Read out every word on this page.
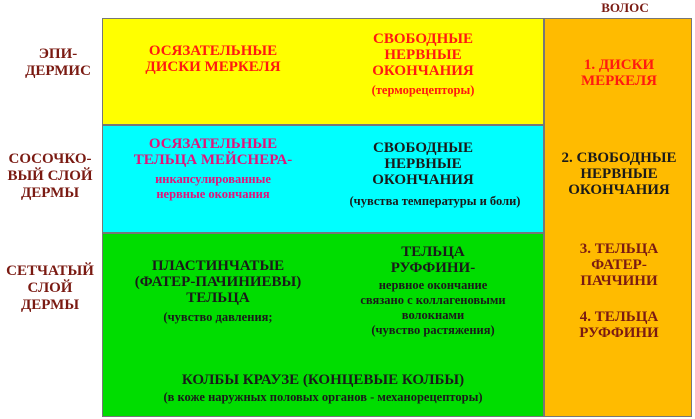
ВОЛОС
ЭПИ-
ДЕРМИС
СОСОЧКО-
ВЫЙ СЛОЙ
ДЕРМЫ
СЕТЧАТЫЙ
СЛОЙ
ДЕРМЫ
ОСЯЗАТЕЛЬНЫЕ
ДИСКИ МЕРКЕЛЯ
СВОБОДНЫЕ
НЕРВНЫЕ
ОКОНЧАНИЯ
(терморецепторы)
ОСЯЗАТЕЛЬНЫЕ
ТЕЛЬЦА МЕЙСНЕРА-
инкапсулированные
нервные окончания
СВОБОДНЫЕ
НЕРВНЫЕ
ОКОНЧАНИЯ
(чувства температуры и боли)
ПЛАСТИНЧАТЫЕ
(ФАТЕР-ПАЧИНИЕВЫ)
ТЕЛЬЦА
(чувство давления;
ТЕЛЬЦА
РУФФИНИ-
нервное окончание
связано с коллагеновыми
волокнами
(чувство растяжения)
КОЛБЫ КРАУЗЕ (КОНЦЕВЫЕ КОЛБЫ)
(в коже наружных половых органов - механорецепторы)
1. ДИСКИ
МЕРКЕЛЯ
2. СВОБОДНЫЕ
НЕРВНЫЕ
ОКОНЧАНИЯ
3. ТЕЛЬЦА
ФАТЕР-
ПАЧЧИНИ
4. ТЕЛЬЦА
РУФФИНИ
